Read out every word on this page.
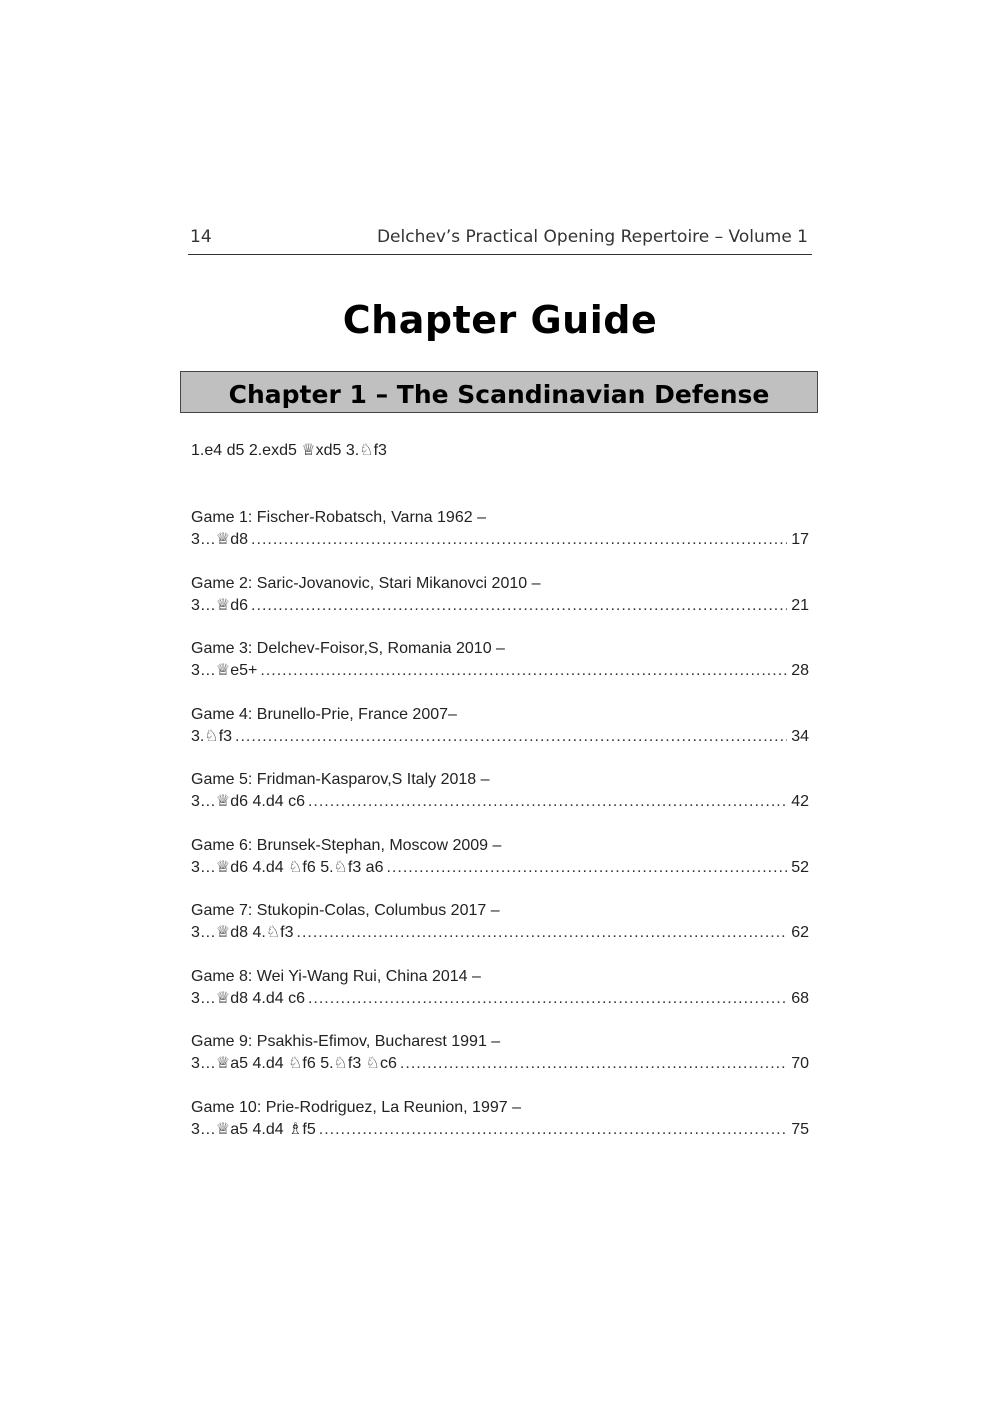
14	Delchev’s Practical Opening Repertoire – Volume 1
Chapter Guide
Chapter 1 – The Scandinavian Defense
1.e4 d5 2.exd5 ♕xd5 3.♘f3
Game 1: Fischer-Robatsch, Varna 1962 –
3…♕d8 .....	17
Game 2: Saric-Jovanovic, Stari Mikanovci 2010 –
3…♕d6 .....	21
Game 3: Delchev-Foisor,S, Romania 2010 –
3…♕e5+ .....	28
Game 4: Brunello-Prie, France 2007–
3.♘f3 .....	34
Game 5: Fridman-Kasparov,S Italy 2018 –
3…♕d6 4.d4 c6 .....	42
Game 6: Brunsek-Stephan, Moscow 2009 –
3…♕d6 4.d4 ♘f6 5.♘f3 a6 .....	52
Game 7: Stukopin-Colas, Columbus 2017 –
3…♕d8 4.♘f3 .....	62
Game 8: Wei Yi-Wang Rui, China 2014 –
3…♕d8 4.d4 c6 .....	68
Game 9: Psakhis-Efimov, Bucharest 1991 –
3…♕a5 4.d4 ♘f6 5.♘f3 ♘c6 .....	70
Game 10: Prie-Rodriguez, La Reunion, 1997 –
3…♕a5 4.d4 ♗f5 .....	75
